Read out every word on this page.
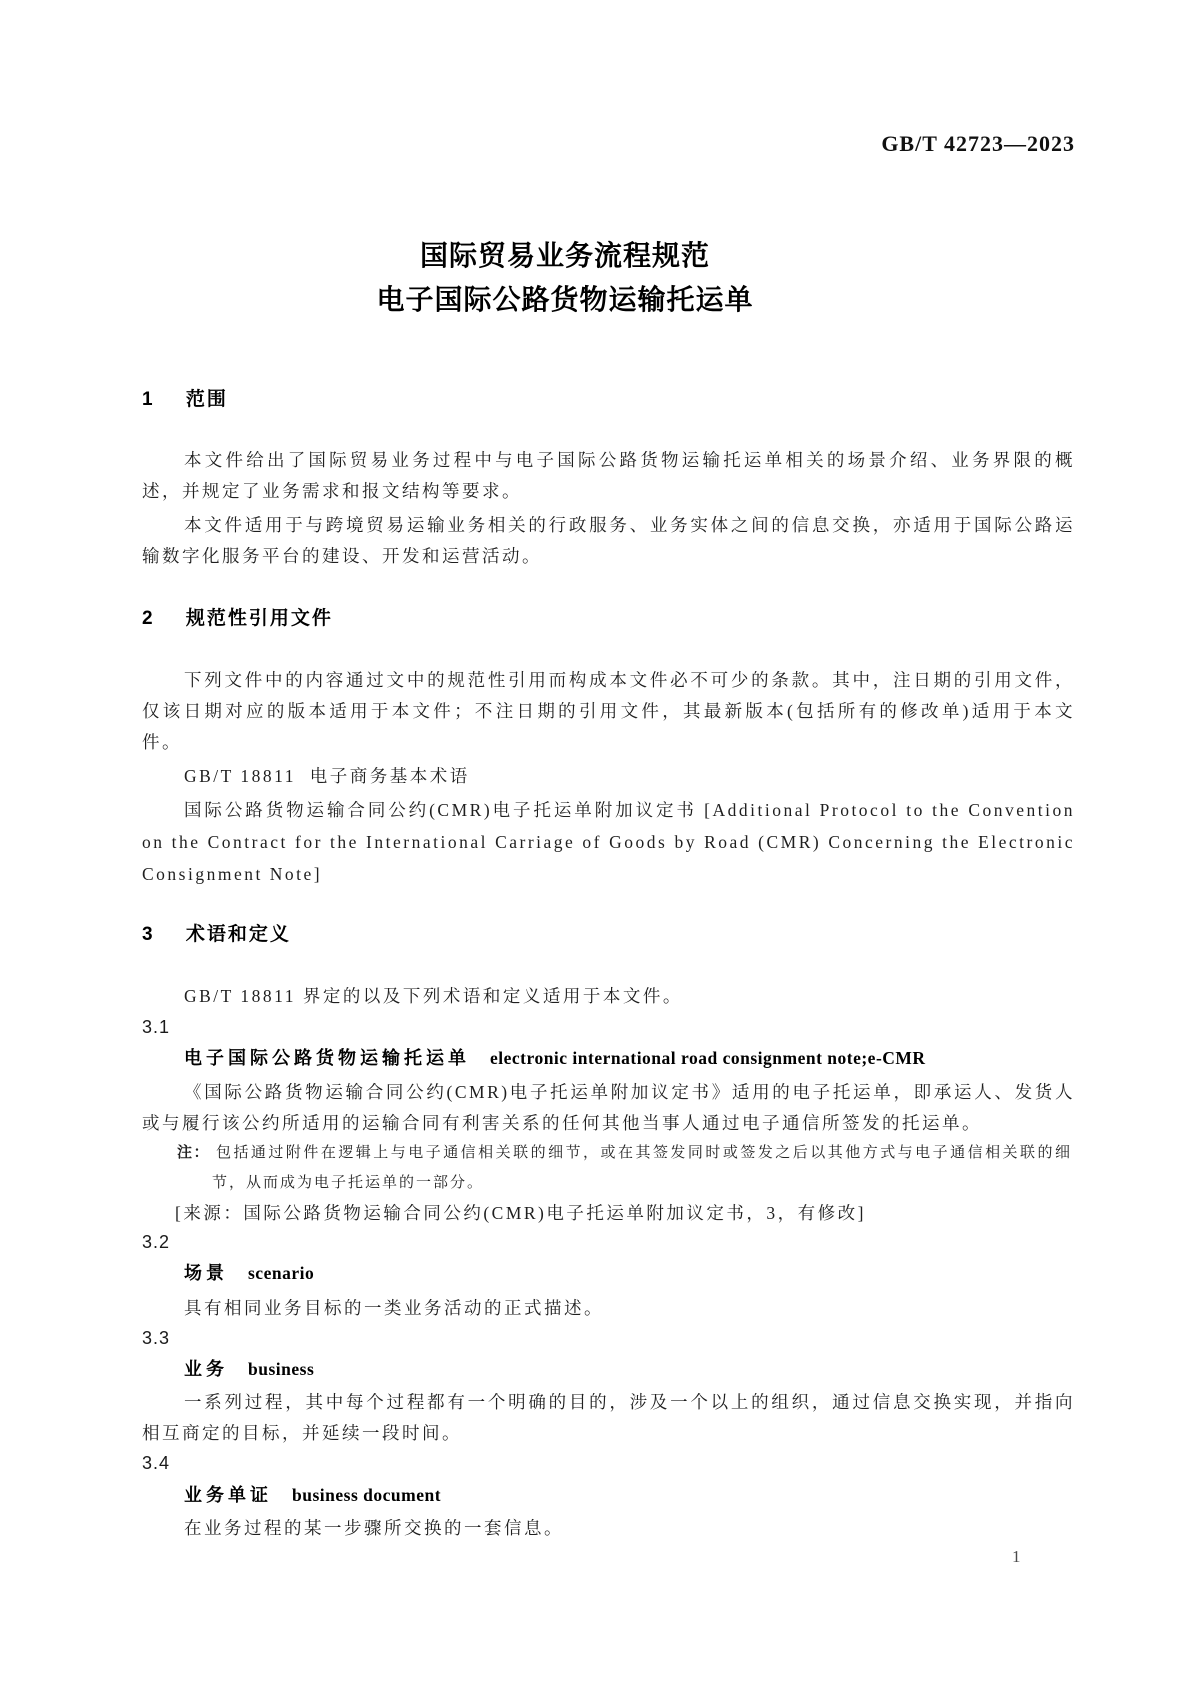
GB/T 42723—2023
国际贸易业务流程规范
电子国际公路货物运输托运单
1 范围
本文件给出了国际贸易业务过程中与电子国际公路货物运输托运单相关的场景介绍、业务界限的概述，并规定了业务需求和报文结构等要求。
本文件适用于与跨境贸易运输业务相关的行政服务、业务实体之间的信息交换，亦适用于国际公路运输数字化服务平台的建设、开发和运营活动。
2 规范性引用文件
下列文件中的内容通过文中的规范性引用而构成本文件必不可少的条款。其中，注日期的引用文件，仅该日期对应的版本适用于本文件；不注日期的引用文件，其最新版本(包括所有的修改单)适用于本文件。
GB/T 18811  电子商务基本术语
国际公路货物运输合同公约(CMR)电子托运单附加议定书 [Additional Protocol to the Convention on the Contract for the International Carriage of Goods by Road (CMR) Concerning the Electronic Consignment Note]
3 术语和定义
GB/T 18811 界定的以及下列术语和定义适用于本文件。
3.1
电子国际公路货物运输托运单 electronic international road consignment note;e-CMR
《国际公路货物运输合同公约(CMR)电子托运单附加议定书》适用的电子托运单，即承运人、发货人或与履行该公约所适用的运输合同有利害关系的任何其他当事人通过电子通信所签发的托运单。
注： 包括通过附件在逻辑上与电子通信相关联的细节，或在其签发同时或签发之后以其他方式与电子通信相关联的细节，从而成为电子托运单的一部分。
[来源：国际公路货物运输合同公约(CMR)电子托运单附加议定书，3，有修改]
3.2
场景 scenario
具有相同业务目标的一类业务活动的正式描述。
3.3
业务 business
一系列过程，其中每个过程都有一个明确的目的，涉及一个以上的组织，通过信息交换实现，并指向相互商定的目标，并延续一段时间。
3.4
业务单证 business document
在业务过程的某一步骤所交换的一套信息。
1
